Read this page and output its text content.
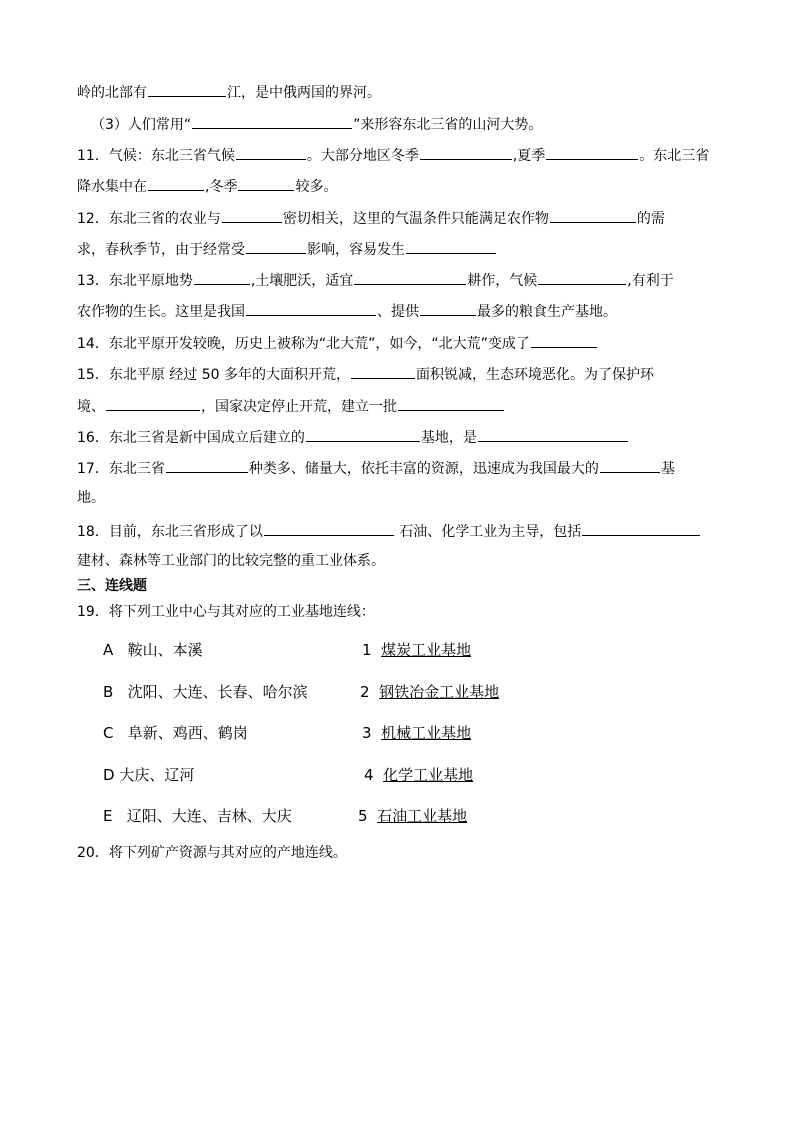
岭的北部有	江，是中俄两国的界河。
（3）人们常用“	”来形容东北三省的山河大势。
11．气候：东北三省气候	。大部分地区冬季	,夏季	。东北三省
降水集中在	,冬季	较多。
12．东北三省的农业与	密切相关，这里的气温条件只能满足农作物	的需
求，春秋季节，由于经常受	影响，容易发生
13．东北平原地势	,土壤肥沃，适宜	耕作，气候	,有利于
农作物的生长。这里是我国	、提供	最多的粮食生产基地。
14．东北平原开发较晚，历史上被称为“北大荒”，如今，“北大荒”变成了
15．东北平原 经过 50 多年的大面积开荒，	面积锐减，生态环境恶化。为了保护环
境、	，国家决定停止开荒，建立一批
16．东北三省是新中国成立后建立的	基地，是
17．东北三省	种类多、储量大，依托丰富的资源，迅速成为我国最大的	基
地。
18．目前，东北三省形成了以	石油、化学工业为主导，包括
建材、森林等工业部门的比较完整的重工业体系。
三、连线题
19．将下列工业中心与其对应的工业基地连线：
A 鞍山、本溪	1 煤炭工业基地
B 沈阳、大连、长春、哈尔滨	2 钢铁冶金工业基地
C 阜新、鸡西、鹤岗	3 机械工业基地
D 大庆、辽河	4 化学工业基地
E 辽阳、大连、吉林、大庆	5 石油工业基地
20．将下列矿产资源与其对应的产地连线。
